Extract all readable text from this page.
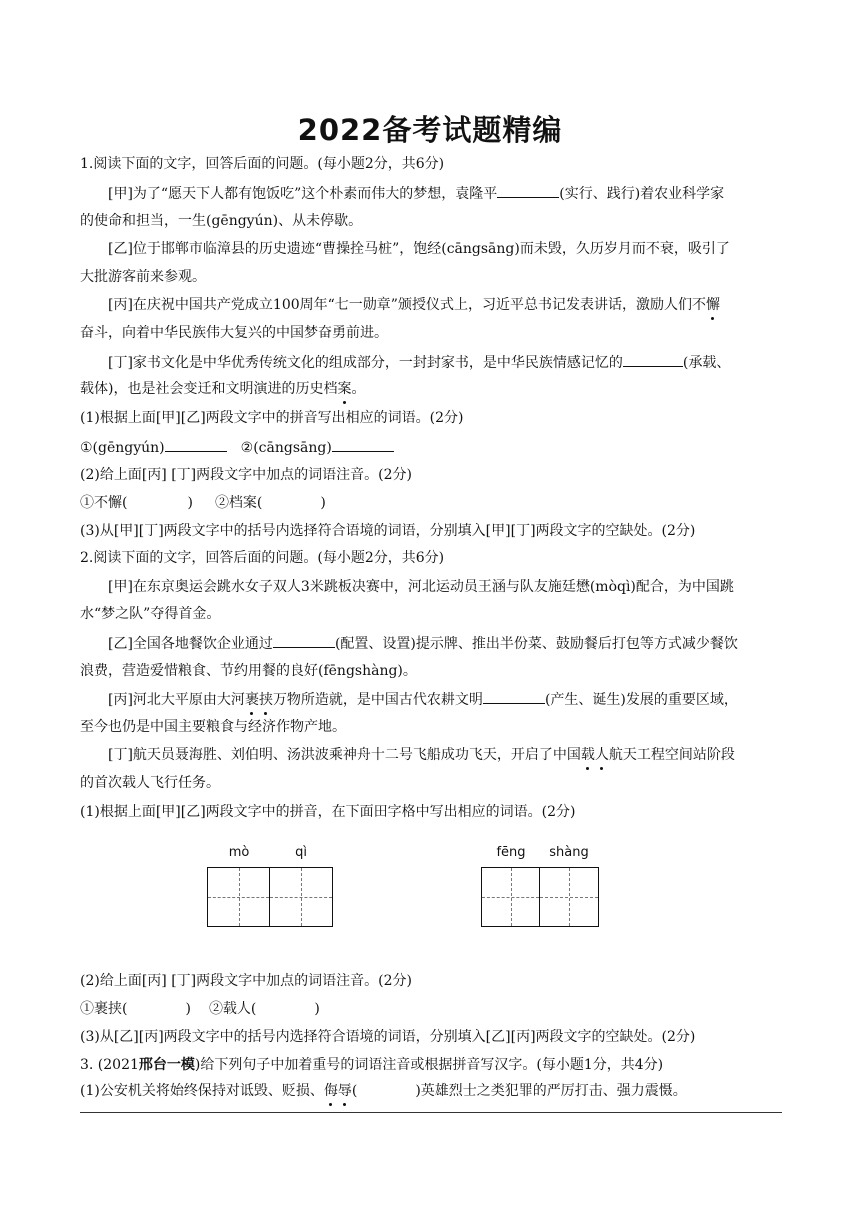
2022备考试题精编
1.阅读下面的文字，回答后面的问题。(每小题2分，共6分)
[甲]为了“愿天下人都有饱饭吃”这个朴素而伟大的梦想，袁隆平	(实行、践行)着农业科学家
的使命和担当，一生(gēngyún)、从未停歇。
[乙]位于邯郸市临漳县的历史遗迹“曹操拴马桩”，饱经(cāngsāng)而未毁，久历岁月而不衰，吸引了
大批游客前来参观。
[丙]在庆祝中国共产党成立100周年“七一勋章”颁授仪式上，习近平总书记发表讲话，激励人们不懈
奋斗，向着中华民族伟大复兴的中国梦奋勇前进。
[丁]家书文化是中华优秀传统文化的组成部分，一封封家书，是中华民族情感记忆的	(承载、
载体)，也是社会变迁和文明演进的历史档案。
(1)根据上面[甲][乙]两段文字中的拼音写出相应的词语。(2分)
①(gēngyún)	②(cāngsāng)
(2)给上面[丙] [丁]两段文字中加点的词语注音。(2分)
①不懈(	) ②档案(	)
(3)从[甲][丁]两段文字中的括号内选择符合语境的词语，分别填入[甲][丁]两段文字的空缺处。(2分)
2.阅读下面的文字，回答后面的问题。(每小题2分，共6分)
[甲]在东京奥运会跳水女子双人3米跳板决赛中，河北运动员王涵与队友施廷懋(mòqì)配合，为中国跳
水“梦之队”夺得首金。
[乙]全国各地餐饮企业通过	(配置、设置)提示牌、推出半份菜、鼓励餐后打包等方式减少餐饮
浪费，营造爱惜粮食、节约用餐的良好(fēngshàng)。
[丙]河北大平原由大河裹挟万物所造就，是中国古代农耕文明	(产生、诞生)发展的重要区域，
至今也仍是中国主要粮食与经济作物产地。
[丁]航天员聂海胜、刘伯明、汤洪波乘神舟十二号飞船成功飞天，开启了中国载人航天工程空间站阶段
的首次载人飞行任务。
(1)根据上面[甲][乙]两段文字中的拼音，在下面田字格中写出相应的词语。(2分)
mò	qì	fēng	shàng
(2)给上面[丙] [丁]两段文字中加点的词语注音。(2分)
①裹挟(	) ②载人(	)
(3)从[乙][丙]两段文字中的括号内选择符合语境的词语，分别填入[乙][丙]两段文字的空缺处。(2分)
3. (2021邢台一模)给下列句子中加着重号的词语注音或根据拼音写汉字。(每小题1分，共4分)
(1)公安机关将始终保持对诋毁、贬损、侮辱(	)英雄烈士之类犯罪的严厉打击、强力震慑。
